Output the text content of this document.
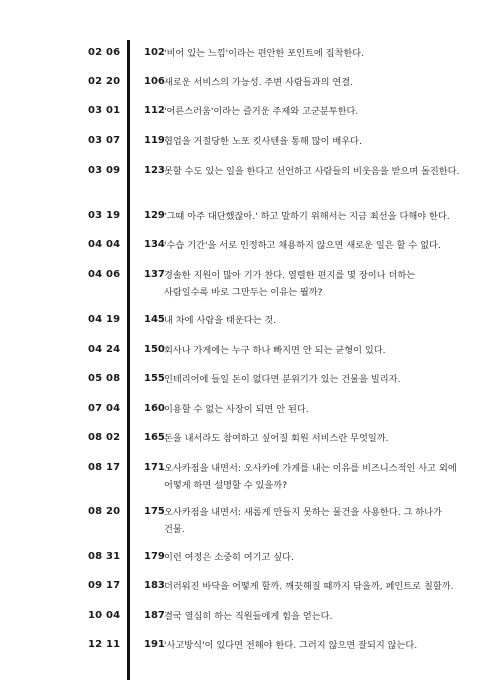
02 06 102 '비어 있는 느낌'이라는 편안한 포인트에 집착한다.
02 20 106 새로운 서비스의 가능성. 주변 사람들과의 연결.
03 01 112 '어른스러움'이라는 즐거운 주제와 고군분투한다.
03 07 119 협업을 거절당한 노포 킷사텐을 통해 많이 배우다.
03 09 123 못할 수도 있는 일을 한다고 선언하고 사람들의 비웃음을 받으며 돌진한다.
03 19 129 '그때 아주 대단했잖아.' 하고 말하기 위해서는 지금 최선을 다해야 한다.
04 04 134 '수습 기간'을 서로 인정하고 채용하지 않으면 새로운 일은 할 수 없다.
04 06 137 경솔한 지원이 많아 기가 찬다. 열렬한 편지를 몇 장이나 더하는 사람일수록 바로 그만두는 이유는 뭘까?
04 19 145 내 차에 사람을 태운다는 것.
04 24 150 회사나 가게에는 누구 하나 빠지면 안 되는 균형이 있다.
05 08 155 인테리어에 들일 돈이 없다면 분위기가 있는 건물을 빌리자.
07 04 160 이용할 수 없는 사장이 되면 안 된다.
08 02 165 돈을 내서라도 참여하고 싶어질 회원 서비스란 무엇일까.
08 17 171 오사카점을 내면서: 오사카에 가게를 내는 이유를 비즈니스적인 사고 외에 어떻게 하면 설명할 수 있을까?
08 20 175 오사카점을 내면서: 새롭게 만들지 못하는 물건을 사용한다. 그 하나가 건물.
08 31 179 이런 여정은 소중히 여기고 싶다.
09 17 183 더러워진 바닥을 어떻게 할까. 깨끗해질 때까지 닦을까, 페인트로 칠할까.
10 04 187 결국 열심히 하는 직원들에게 힘을 얻는다.
12 11 191 '사고방식'이 있다면 전해야 한다. 그러지 않으면 잘되지 않는다.
